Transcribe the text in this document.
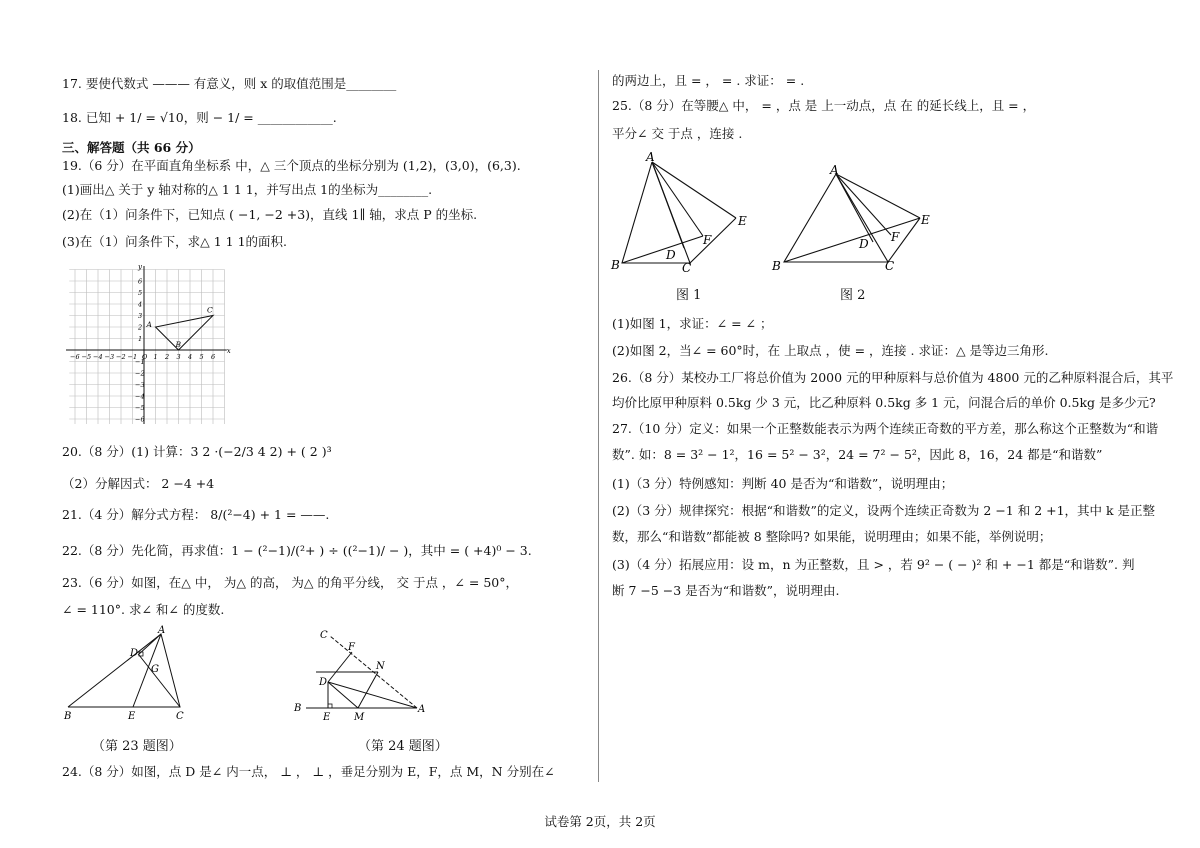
17. 要使代数式 ——— 有意义，则 x 的取值范围是________
18. 已知 + 1/ = √10，则 − 1/ = ____________.
三、解答题（共 66 分）
19.（6 分）在平面直角坐标系 中，△ 三个顶点的坐标分别为 (1,2)，(3,0)，(6,3).
(1)画出△ 关于 y 轴对称的△ 1 1 1，并写出点 1的坐标为________.
(2)在（1）问条件下，已知点 ( −1, −2 +3)，直线 1∥ 轴，求点 P 的坐标.
(3)在（1）问条件下，求△ 1 1 1的面积.
−6 −5 −4 −3 −2 −1 O 1 2 3 4 5 6
6
5
4
3
2
1
−1
−2
−3
−4
−5
−6
x
y
A
B
C
20.（8 分）(1) 计算：3 2 ·(−2/3 4 2) + ( 2 )³
（2）分解因式： 2 −4 +4
21.（4 分）解分式方程： 8/(²−4) + 1 = ——.
22.（8 分）先化简，再求值：1 − (²−1)/(²+ ) ÷ ((²−1)/ − )，其中 = ( +4)⁰ − 3.
23.（6 分）如图，在△ 中， 为△ 的高， 为△ 的角平分线， 交 于点 ，∠ = 50°，
∠ = 110°. 求∠ 和∠ 的度数.
A
D
G
B	E	C
（第 23 题图）
C
F
N
D
B
E M
A
（第 24 题图）
24.（8 分）如图，点 D 是∠ 内一点， ⊥ ， ⊥ ，垂足分别为 E，F，点 M，N 分别在∠
的两边上，且 = ， = . 求证： = .
25.（8 分）在等腰△ 中， = ，点 是 上一动点，点 在 的延长线上，且 = ，
平分∠ 交 于点 ，连接 .
A
E
F
D
B	C
图 1
A
E
F
D
B	C
图 2
(1)如图 1，求证：∠ = ∠ ；
(2)如图 2，当∠ = 60°时，在 上取点 ，使 = ，连接 . 求证：△ 是等边三角形.
26.（8 分）某校办工厂将总价值为 2000 元的甲种原料与总价值为 4800 元的乙种原料混合后，其平
均价比原甲种原料 0.5kg 少 3 元，比乙种原料 0.5kg 多 1 元，问混合后的单价 0.5kg 是多少元?
27.（10 分）定义：如果一个正整数能表示为两个连续正奇数的平方差，那么称这个正整数为“和谐
数”. 如：8 = 3² − 1²，16 = 5² − 3²，24 = 7² − 5²，因此 8，16，24 都是“和谐数”
(1)（3 分）特例感知：判断 40 是否为“和谐数”，说明理由；
(2)（3 分）规律探究：根据“和谐数”的定义，设两个连续正奇数为 2 −1 和 2 +1，其中 k 是正整
数，那么“和谐数”都能被 8 整除吗? 如果能，说明理由；如果不能，举例说明；
(3)（4 分）拓展应用：设 m，n 为正整数，且 > ，若 9² − ( − )² 和 + −1 都是“和谐数”. 判
断 7 −5 −3 是否为“和谐数”，说明理由.
试卷第 2页，共 2页
